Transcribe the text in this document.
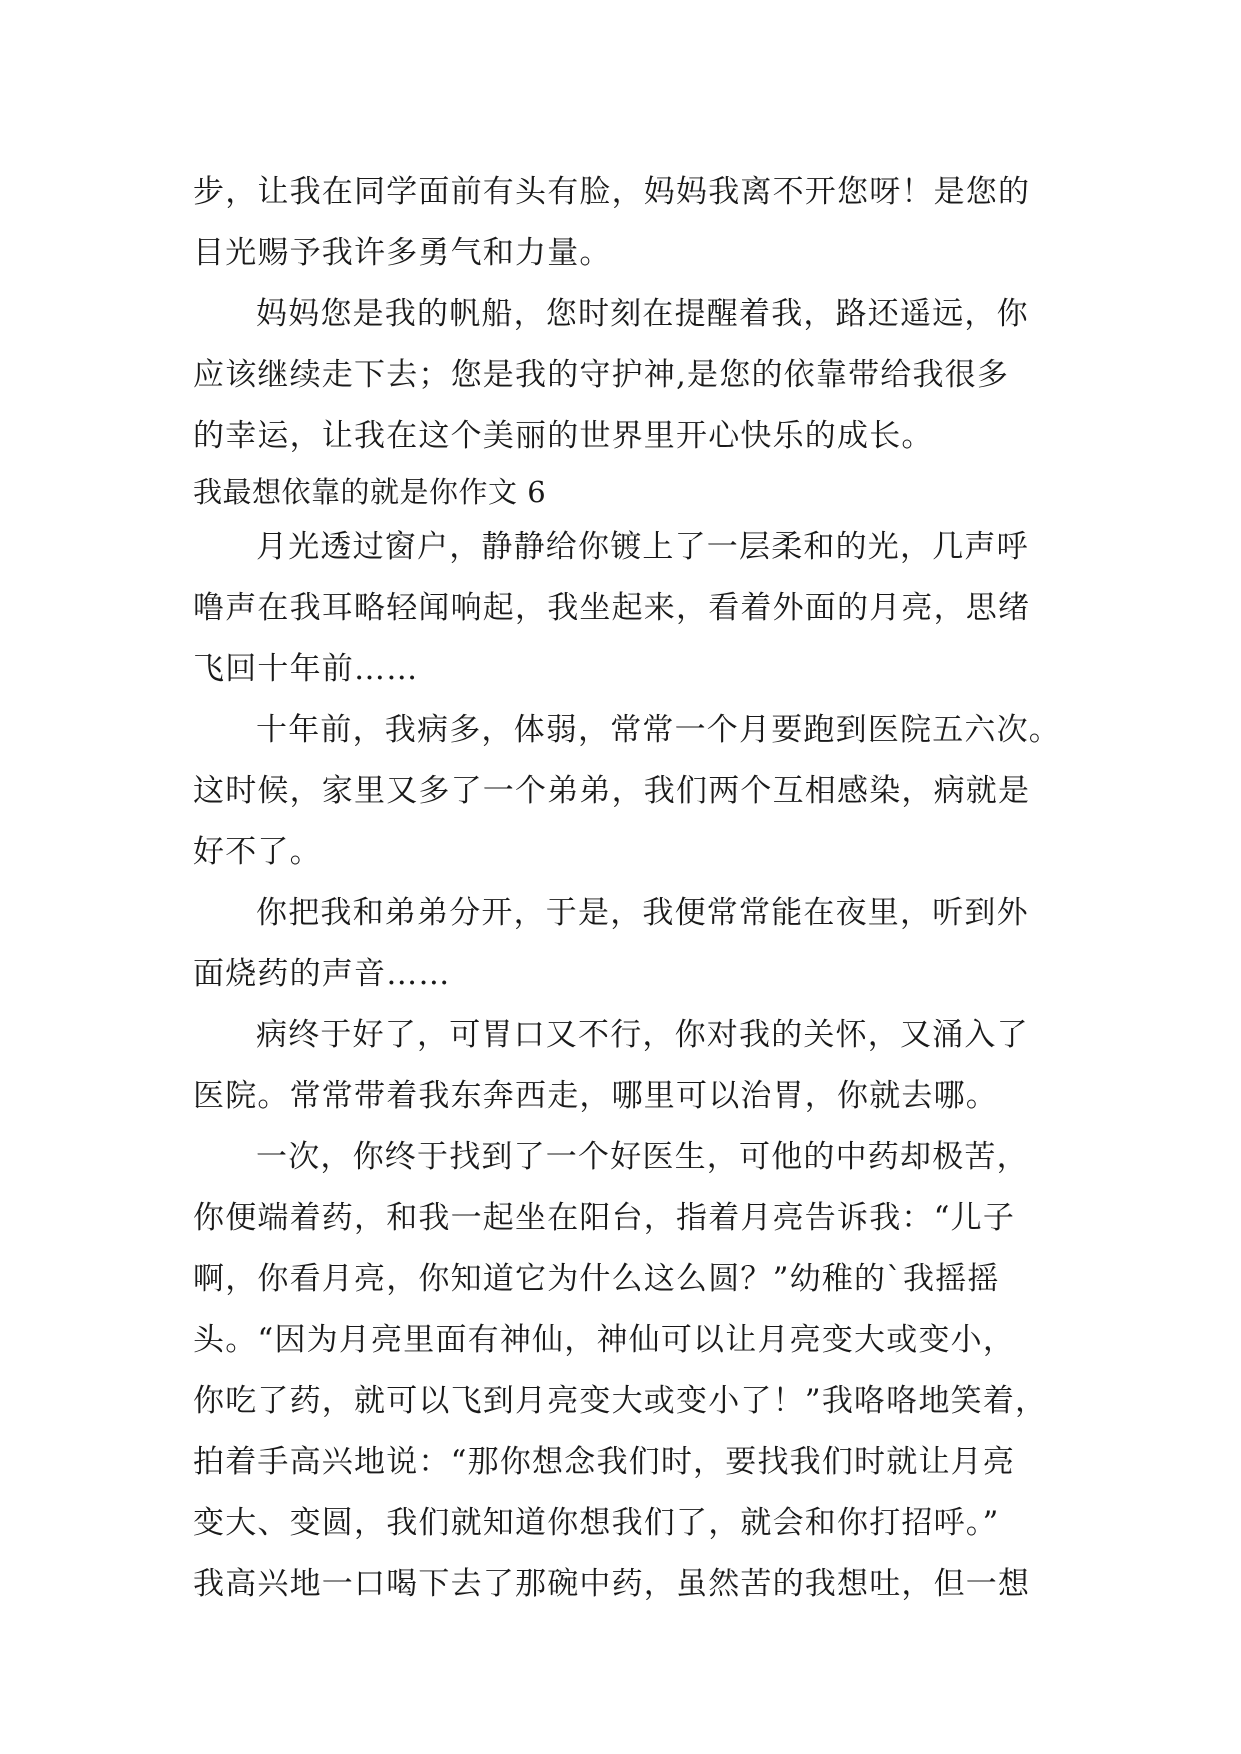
步，让我在同学面前有头有脸，妈妈我离不开您呀！是您的
目光赐予我许多勇气和力量。
妈妈您是我的帆船，您时刻在提醒着我，路还遥远，你
应该继续走下去；您是我的守护神,是您的依靠带给我很多
的幸运，让我在这个美丽的世界里开心快乐的成长。
我最想依靠的就是你作文 6
月光透过窗户，静静给你镀上了一层柔和的光，几声呼
噜声在我耳略轻闻响起，我坐起来，看着外面的月亮，思绪
飞回十年前……
十年前，我病多，体弱，常常一个月要跑到医院五六次。
这时候，家里又多了一个弟弟，我们两个互相感染，病就是
好不了。
你把我和弟弟分开，于是，我便常常能在夜里，听到外
面烧药的声音……
病终于好了，可胃口又不行，你对我的关怀，又涌入了
医院。常常带着我东奔西走，哪里可以治胃，你就去哪。
一次，你终于找到了一个好医生，可他的中药却极苦，
你便端着药，和我一起坐在阳台，指着月亮告诉我：“儿子
啊，你看月亮，你知道它为什么这么圆？”幼稚的`我摇摇
头。“因为月亮里面有神仙，神仙可以让月亮变大或变小，
你吃了药，就可以飞到月亮变大或变小了！”我咯咯地笑着，
拍着手高兴地说：“那你想念我们时，要找我们时就让月亮
变大、变圆，我们就知道你想我们了，就会和你打招呼。”
我高兴地一口喝下去了那碗中药，虽然苦的我想吐，但一想
